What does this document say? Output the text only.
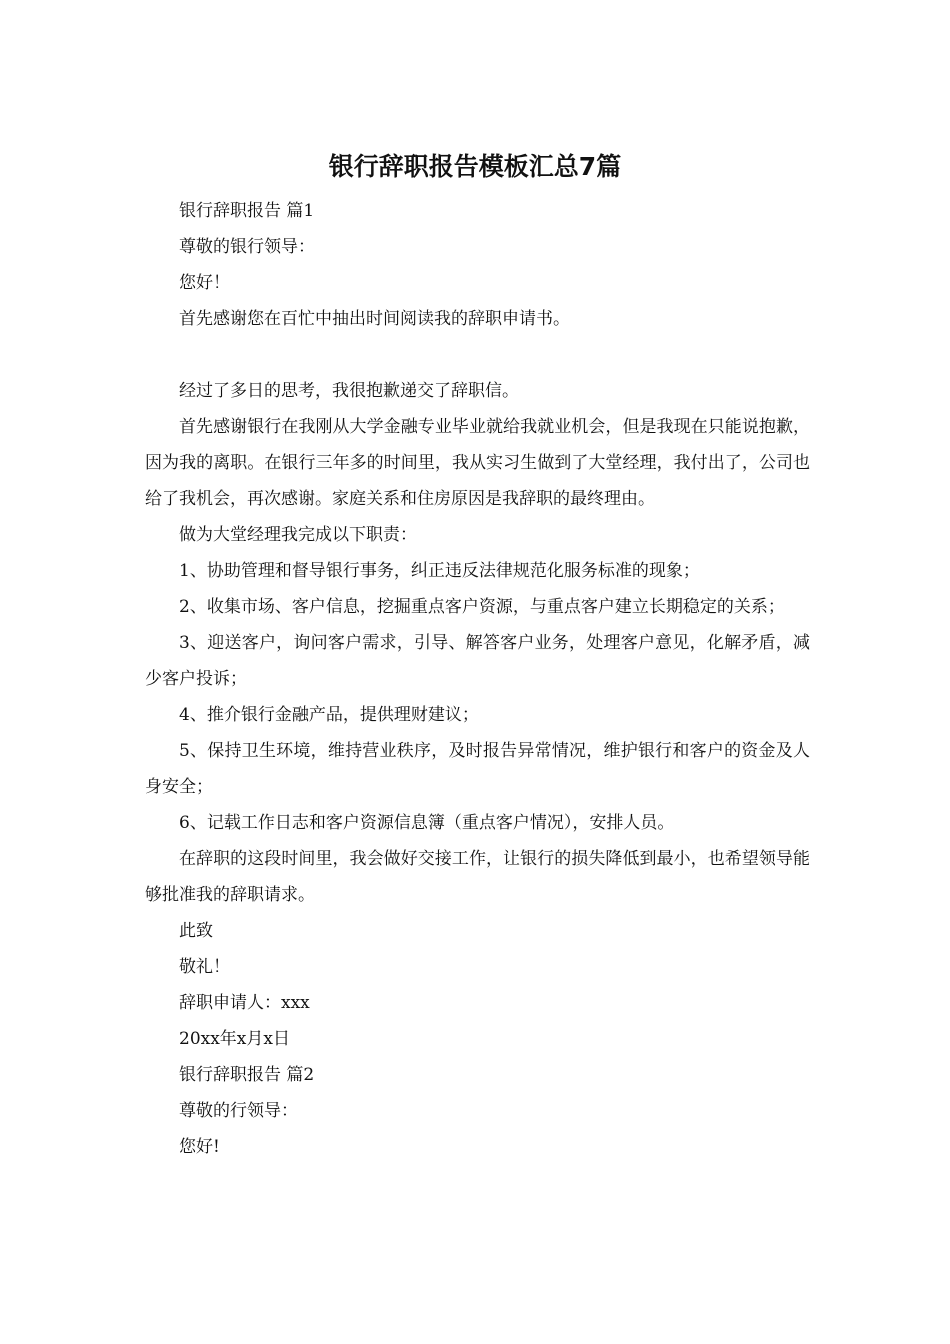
银行辞职报告模板汇总7篇

银行辞职报告 篇1

尊敬的银行领导：

您好！

首先感谢您在百忙中抽出时间阅读我的辞职申请书。

经过了多日的思考，我很抱歉递交了辞职信。

首先感谢银行在我刚从大学金融专业毕业就给我就业机会，但是我现在只能说抱歉，因为我的离职。在银行三年多的时间里，我从实习生做到了大堂经理，我付出了，公司也给了我机会，再次感谢。家庭关系和住房原因是我辞职的最终理由。

做为大堂经理我完成以下职责：

1、协助管理和督导银行事务，纠正违反法律规范化服务标准的现象；

2、收集市场、客户信息，挖掘重点客户资源，与重点客户建立长期稳定的关系；

3、迎送客户，询问客户需求，引导、解答客户业务，处理客户意见，化解矛盾，减少客户投诉；

4、推介银行金融产品，提供理财建议；

5、保持卫生环境，维持营业秩序，及时报告异常情况，维护银行和客户的资金及人身安全；

6、记载工作日志和客户资源信息簿（重点客户情况），安排人员。

在辞职的这段时间里，我会做好交接工作，让银行的损失降低到最小，也希望领导能够批准我的辞职请求。

此致

敬礼！

辞职申请人：xxx

20xx年x月x日

银行辞职报告 篇2

尊敬的行领导：

您好!
